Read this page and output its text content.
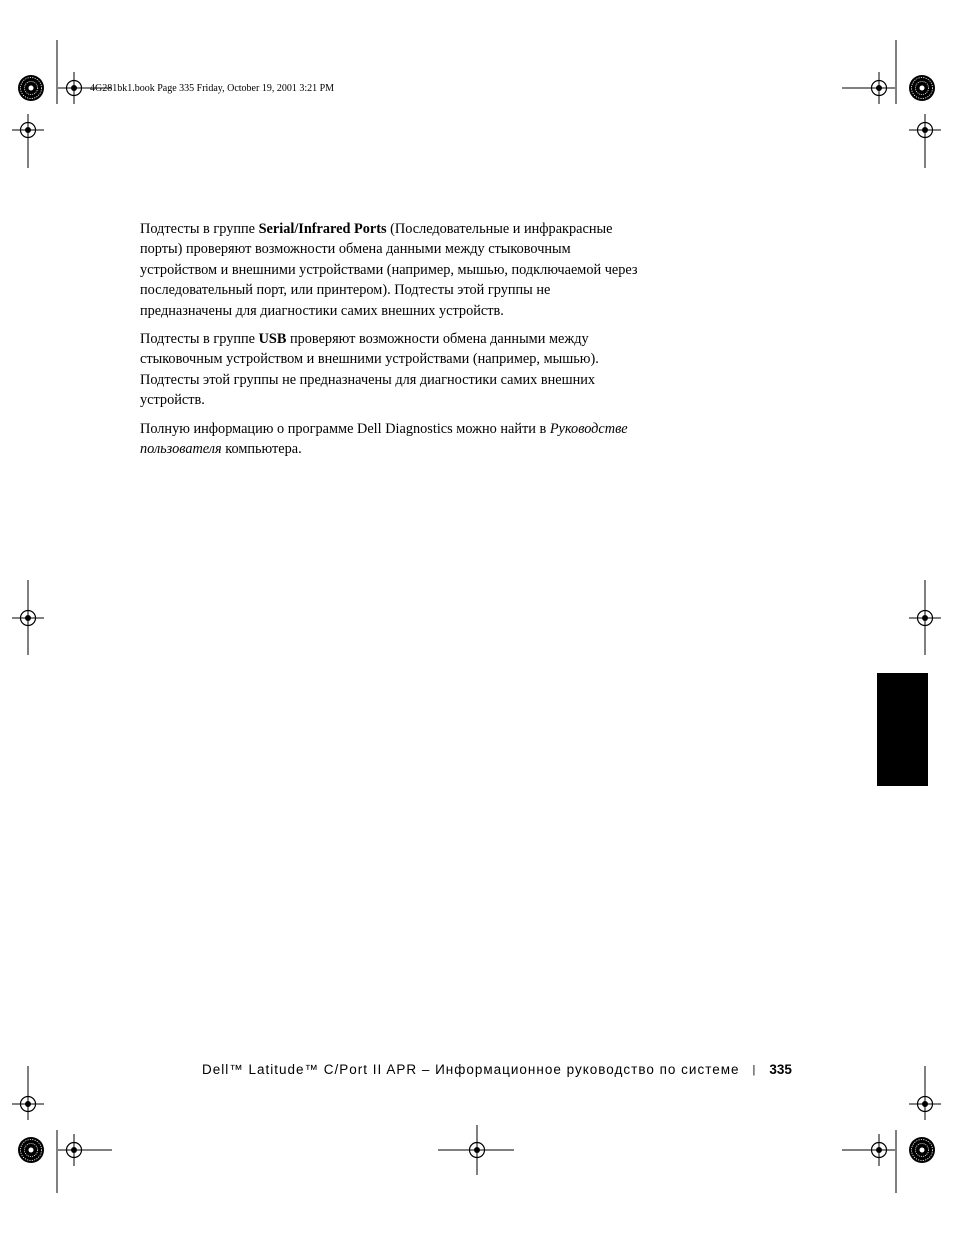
4G281bk1.book Page 335 Friday, October 19, 2001 3:21 PM

Подтесты в группе Serial/Infrared Ports (Последовательные и инфракрасные порты) проверяют возможности обмена данными между стыковочным устройством и внешними устройствами (например, мышью, подключаемой через последовательный порт, или принтером). Подтесты этой группы не предназначены для диагностики самих внешних устройств.

Подтесты в группе USB проверяют возможности обмена данными между стыковочным устройством и внешними устройствами (например, мышью). Подтесты этой группы не предназначены для диагностики самих внешних устройств.

Полную информацию о программе Dell Diagnostics можно найти в Руководстве пользователя компьютера.

Dell™ Latitude™ C/Port II APR – Информационное руководство по системе | 335
